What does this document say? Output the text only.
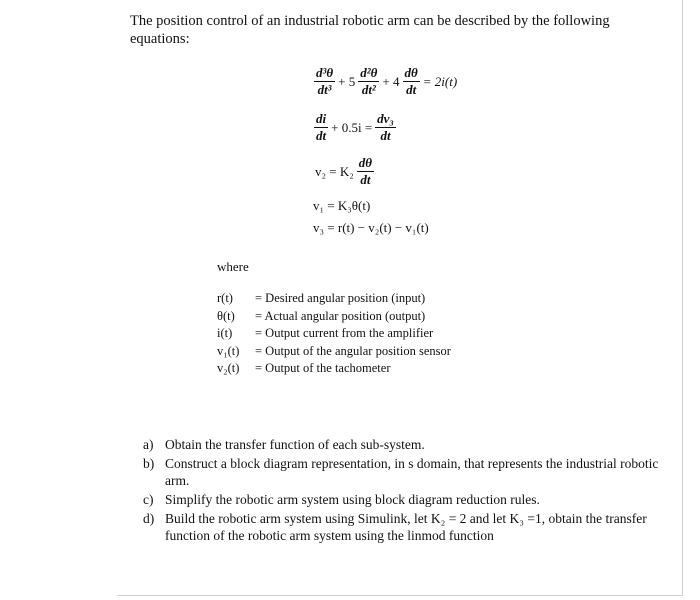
The position control of an industrial robotic arm can be described by the following equations:
$\frac{\text{d³θ}}{\text{dt³}} + 5 \frac{\text{d²θ}}{\text{dt²}} + 4 \frac{d\theta}{dt} = 2i(t)$
$\frac{di}{dt} + 0.5i = \frac{\text{dv₃}}{dt}$
$v_2 = K_2 \frac{d\theta}{dt}$
v₁ = K₃θ(t)
v₃ = r(t) − v₂(t) − v₁(t)
where
r(t) = Desired angular position (input)
θ(t) = Actual angular position (output)
i(t) = Output current from the amplifier
v₁(t) = Output of the angular position sensor
v₂(t) = Output of the tachometer
a) Obtain the transfer function of each sub-system.
b) Construct a block diagram representation, in s domain, that represents the industrial robotic arm.
c) Simplify the robotic arm system using block diagram reduction rules.
d) Build the robotic arm system using Simulink, let K₂ = 2 and let K₃ =1, obtain the transfer function of the robotic arm system using the linmod function
